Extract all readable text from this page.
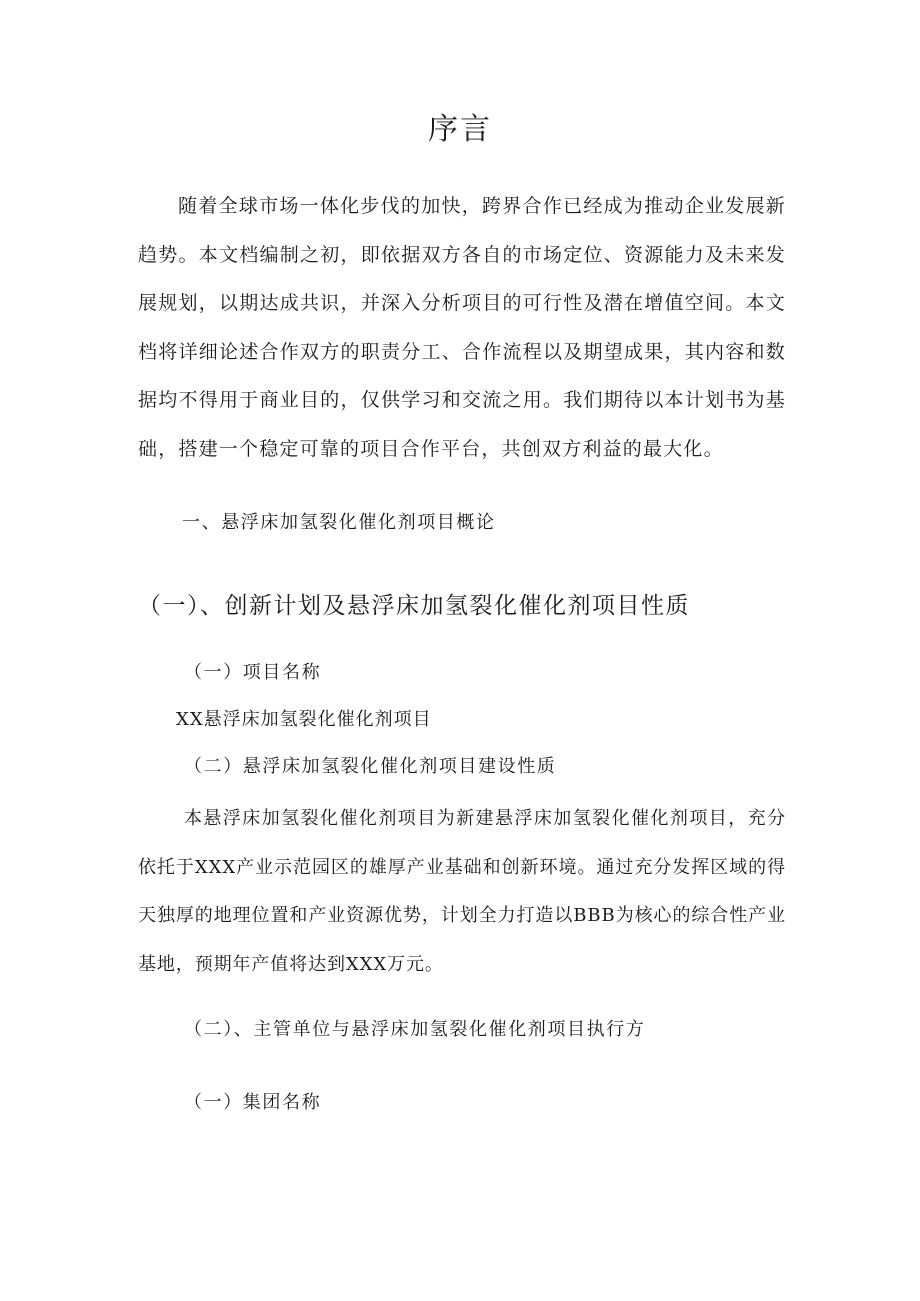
序言

随着全球市场一体化步伐的加快，跨界合作已经成为推动企业发展新趋势。本文档编制之初，即依据双方各自的市场定位、资源能力及未来发展规划，以期达成共识，并深入分析项目的可行性及潜在增值空间。本文档将详细论述合作双方的职责分工、合作流程以及期望成果，其内容和数据均不得用于商业目的，仅供学习和交流之用。我们期待以本计划书为基础，搭建一个稳定可靠的项目合作平台，共创双方利益的最大化。

一、悬浮床加氢裂化催化剂项目概论
（一）、创新计划及悬浮床加氢裂化催化剂项目性质
（一）项目名称
XX悬浮床加氢裂化催化剂项目
（二）悬浮床加氢裂化催化剂项目建设性质

本悬浮床加氢裂化催化剂项目为新建悬浮床加氢裂化催化剂项目，充分依托于XXX产业示范园区的雄厚产业基础和创新环境。通过充分发挥区域的得天独厚的地理位置和产业资源优势，计划全力打造以BBB为核心的综合性产业基地，预期年产值将达到XXX万元。

（二）、主管单位与悬浮床加氢裂化催化剂项目执行方
（一）集团名称
